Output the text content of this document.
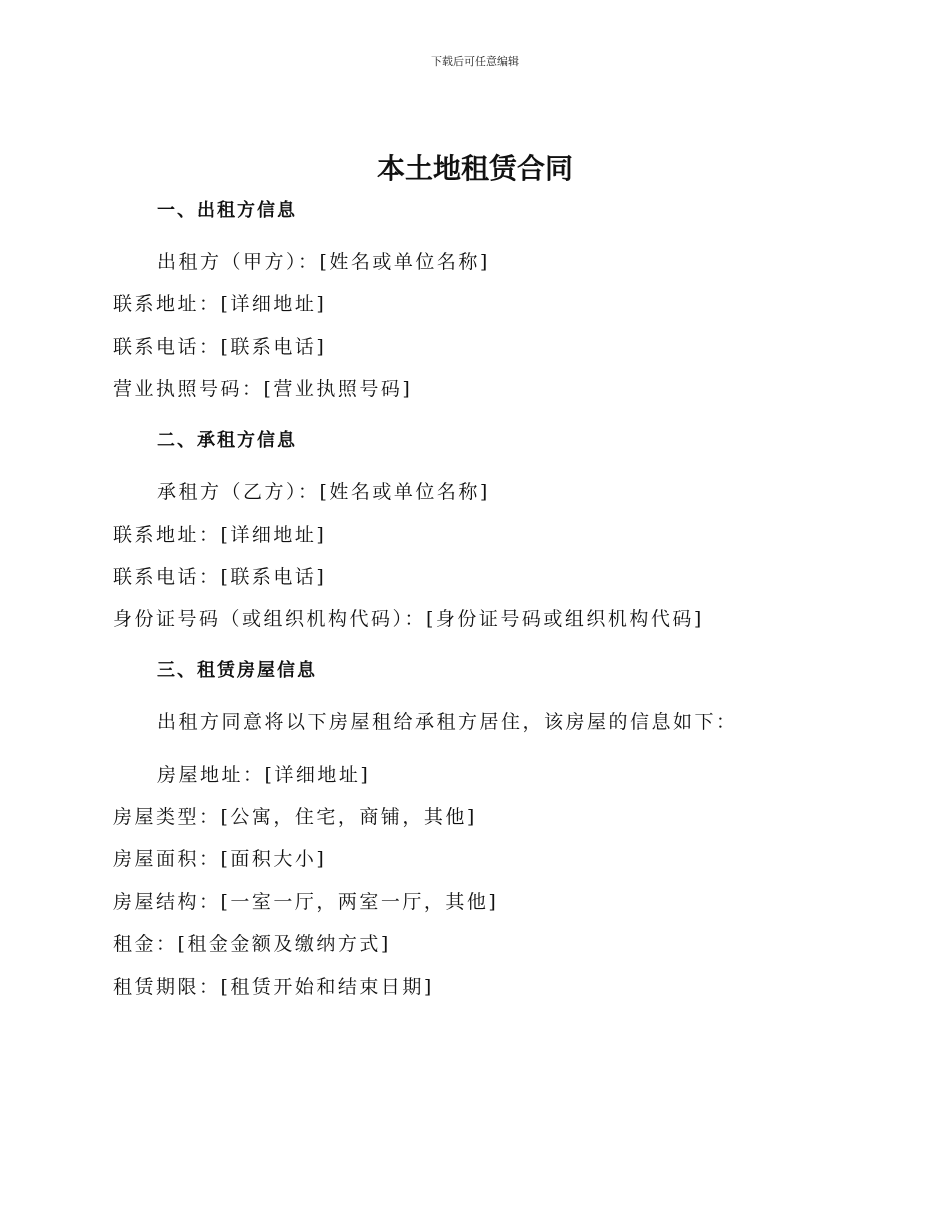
下载后可任意编辑
本土地租赁合同
一、出租方信息
出租方（甲方）：[姓名或单位名称]
联系地址：[详细地址]
联系电话：[联系电话]
营业执照号码：[营业执照号码]
二、承租方信息
承租方（乙方）：[姓名或单位名称]
联系地址：[详细地址]
联系电话：[联系电话]
身份证号码（或组织机构代码）：[身份证号码或组织机构代码]
三、租赁房屋信息
出租方同意将以下房屋租给承租方居住，该房屋的信息如下：
房屋地址：[详细地址]
房屋类型：[公寓，住宅，商铺，其他]
房屋面积：[面积大小]
房屋结构：[一室一厅，两室一厅，其他]
租金：[租金金额及缴纳方式]
租赁期限：[租赁开始和结束日期]
